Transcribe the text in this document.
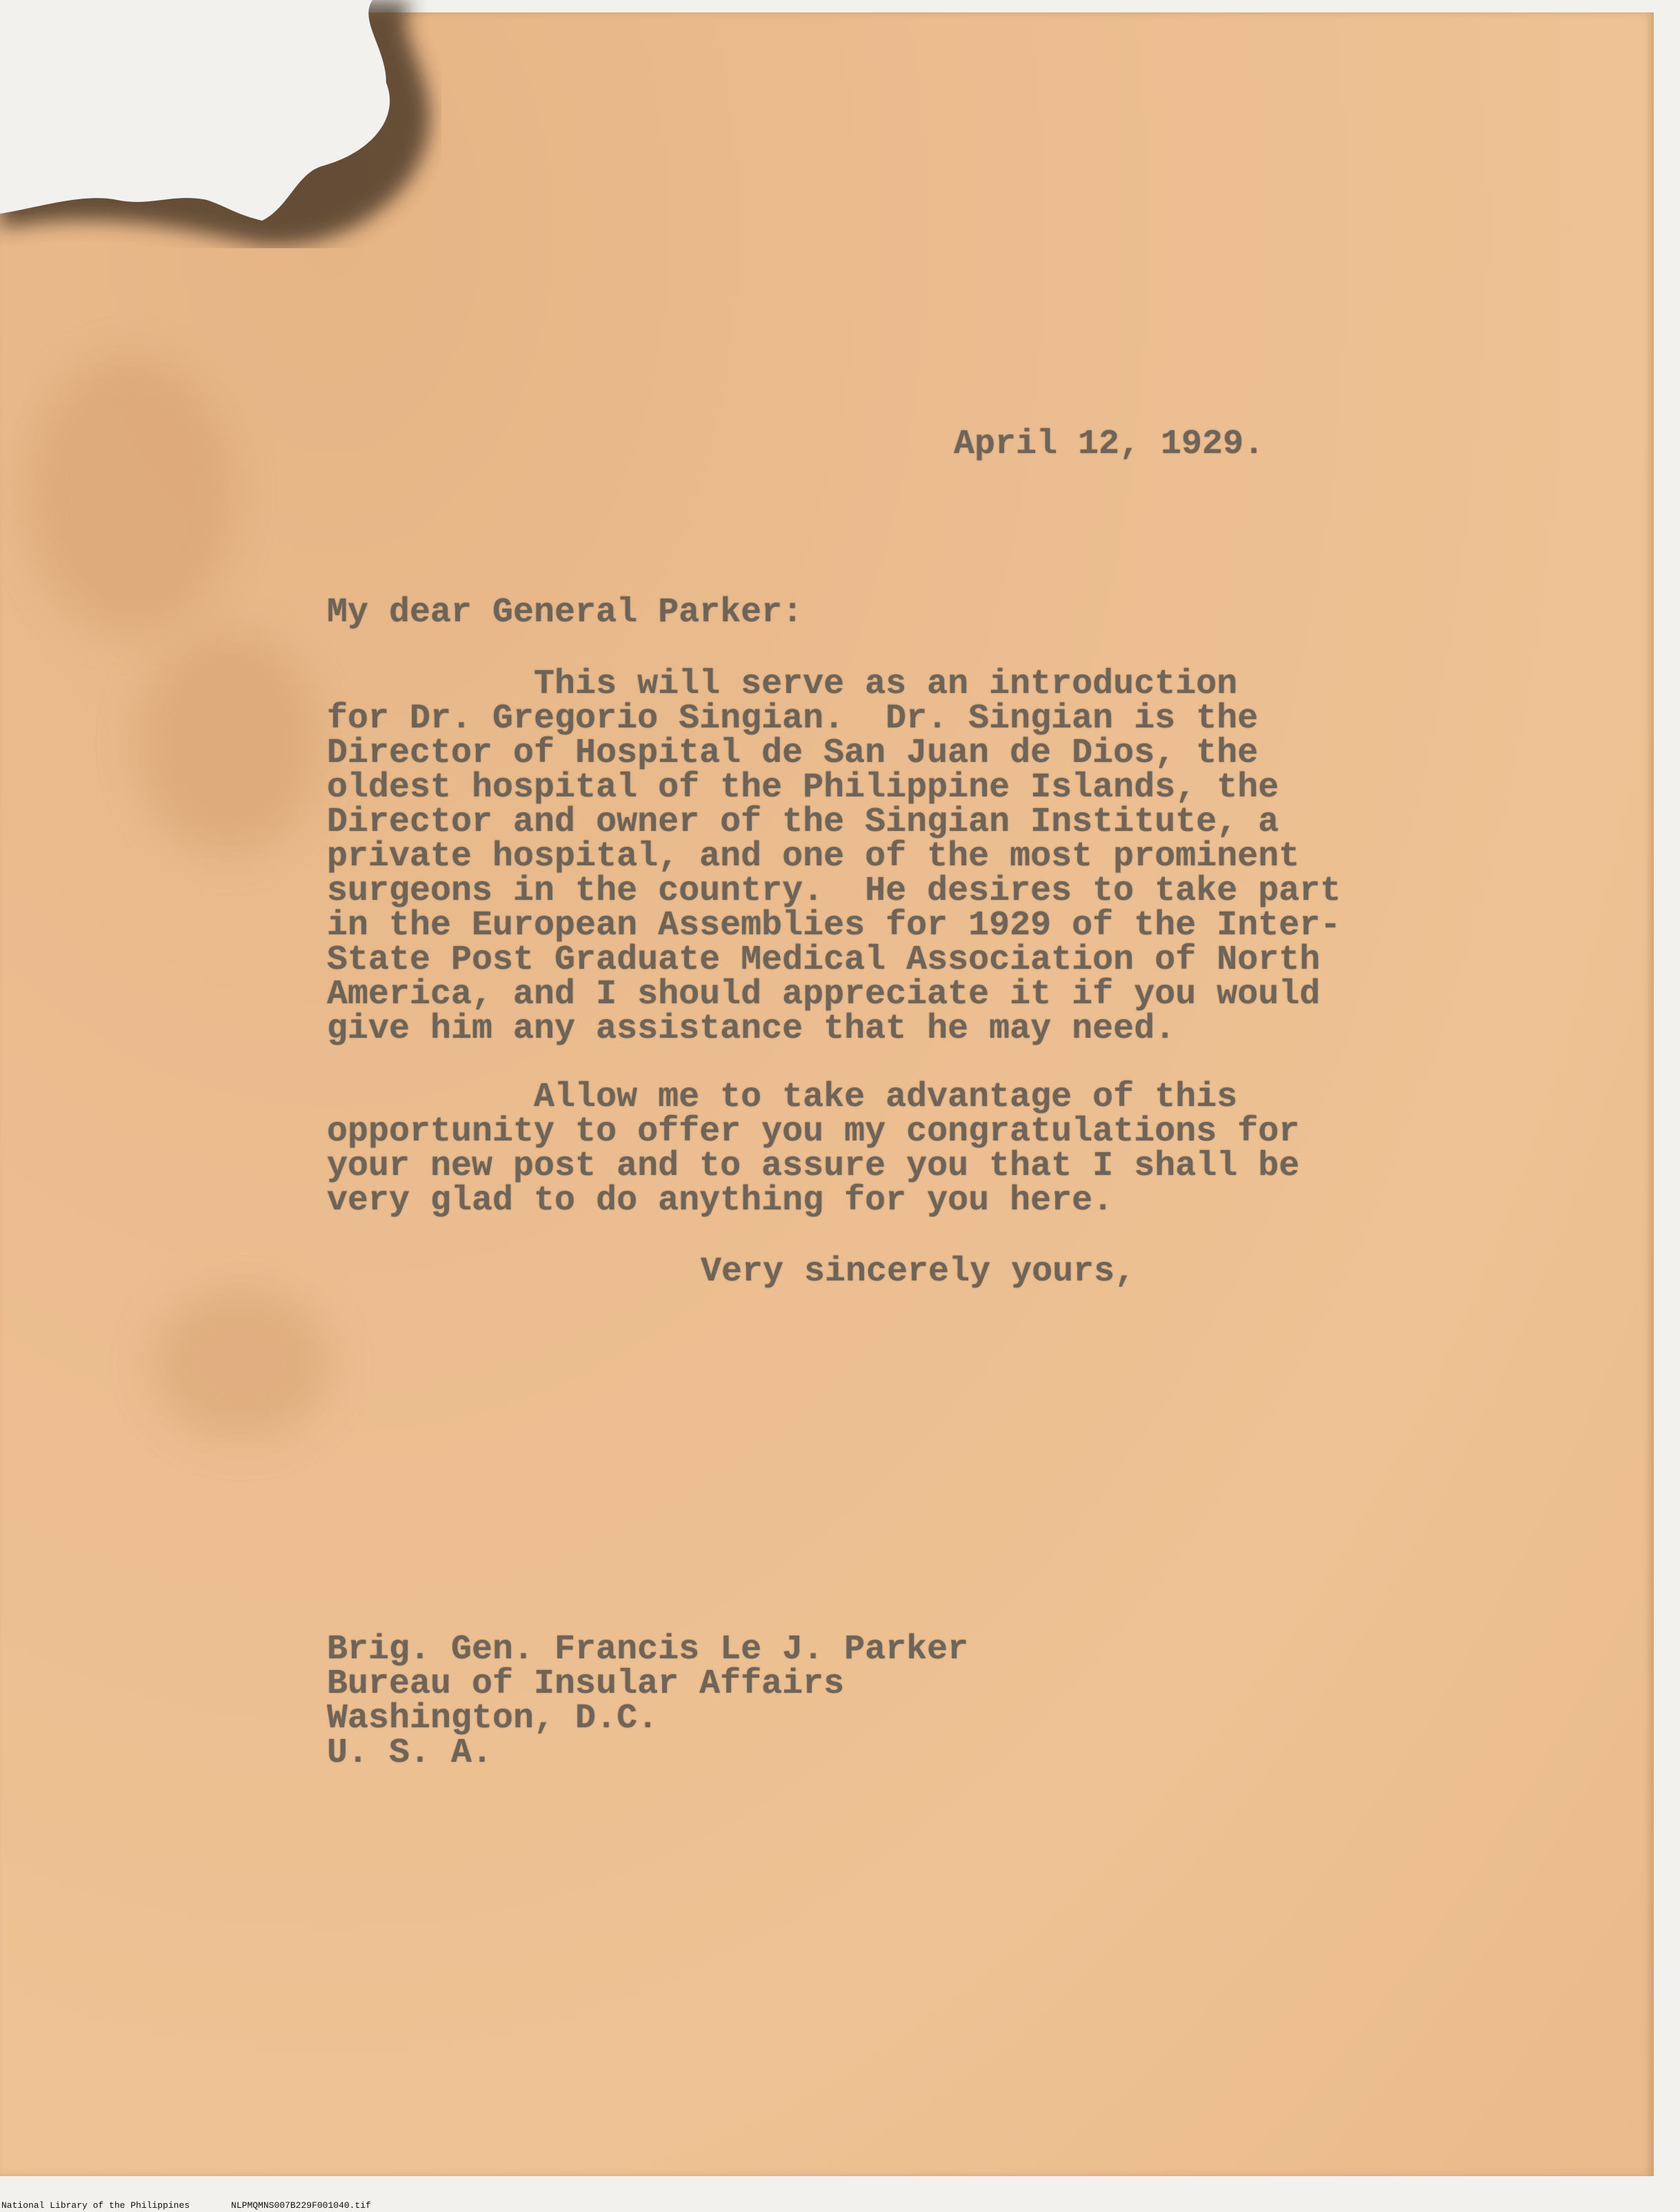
April 12, 1929.
My dear General Parker:
This will serve as an introduction
for Dr. Gregorio Singian.  Dr. Singian is the
Director of Hospital de San Juan de Dios, the
oldest hospital of the Philippine Islands, the
Director and owner of the Singian Institute, a
private hospital, and one of the most prominent
surgeons in the country.  He desires to take part
in the European Assemblies for 1929 of the Inter-
State Post Graduate Medical Association of North
America, and I should appreciate it if you would
give him any assistance that he may need.
Allow me to take advantage of this
opportunity to offer you my congratulations for
your new post and to assure you that I shall be
very glad to do anything for you here.
Very sincerely yours,
Brig. Gen. Francis Le J. Parker
Bureau of Insular Affairs
Washington, D.C.
U. S. A.
National Library of the Philippines	NLPMQMNS007B229F001040.tif
